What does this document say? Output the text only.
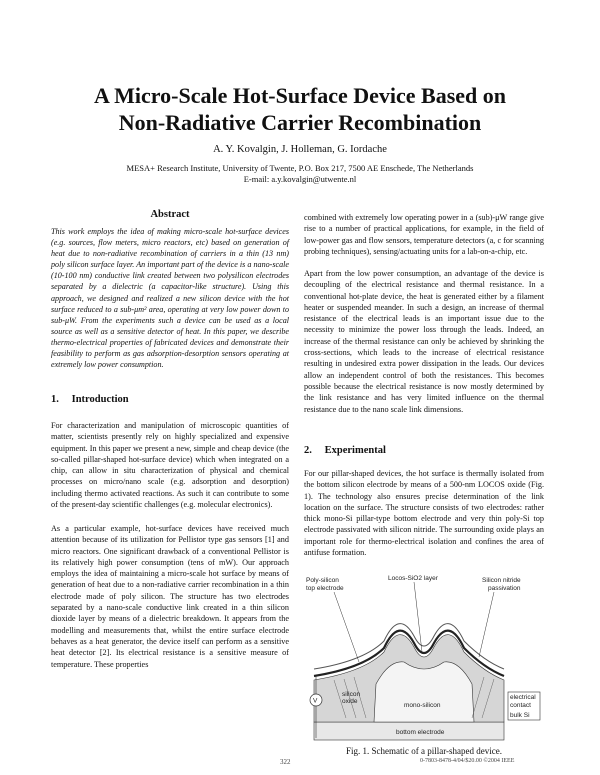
A Micro-Scale Hot-Surface Device Based on
Non-Radiative Carrier Recombination
A. Y. Kovalgin, J. Holleman, G. Iordache
MESA+ Research Institute, University of Twente, P.O. Box 217, 7500 AE Enschede, The Netherlands
E-mail: a.y.kovalgin@utwente.nl
Abstract

This work employs the idea of making micro-scale hot-surface devices (e.g. sources, flow meters, micro reactors, etc) based on generation of heat due to non-radiative recombination of carriers in a thin (13 nm) poly silicon surface layer. An important part of the device is a nano-scale (10-100 nm) conductive link created between two polysilicon electrodes separated by a dielectric (a capacitor-like structure). Using this approach, we designed and realized a new silicon device with the hot surface reduced to a sub-μm² area, operating at very low power down to sub-μW. From the experiments such a device can be used as a local source as well as a sensitive detector of heat. In this paper, we describe thermo-electrical properties of fabricated devices and demonstrate their feasibility to perform as gas adsorption-desorption sensors operating at extremely low power consumption.

1. Introduction

For characterization and manipulation of microscopic quantities of matter, scientists presently rely on highly specialized and expensive equipment. In this paper we present a new, simple and cheap device (the so-called pillar-shaped hot-surface device) which when integrated on a chip, can allow in situ characterization of physical and chemical processes on micro/nano scale (e.g. adsorption and desorption) including thermo activated reactions. As such it can contribute to some of the present-day scientific challenges (e.g. molecular electronics).

As a particular example, hot-surface devices have received much attention because of its utilization for Pellistor type gas sensors [1] and micro reactors. One significant drawback of a conventional Pellistor is its relatively high power consumption (tens of mW). Our approach employs the idea of maintaining a micro-scale hot surface by means of generation of heat due to a non-radiative carrier recombination in a thin electrode made of poly silicon. The structure has two electrodes separated by a nano-scale conductive link created in a thin silicon dioxide layer by means of a dielectric breakdown. It appears from the modelling and measurements that, whilst the entire surface electrode behaves as a heat generator, the device itself can perform as a sensitive heat detector [2]. Its electrical resistance is a sensitive measure of temperature. These properties

combined with extremely low operating power in a (sub)-μW range give rise to a number of practical applications, for example, in the field of low-power gas and flow sensors, temperature detectors (a, c for scanning probing techniques), sensing/actuating units for a lab-on-a-chip, etc.

Apart from the low power consumption, an advantage of the device is decoupling of the electrical resistance and thermal resistance. In a conventional hot-plate device, the heat is generated either by a filament heater or suspended meander. In such a design, an increase of thermal resistance of the electrical leads is an important issue due to the necessity to minimize the power loss through the leads. Indeed, an increase of the thermal resistance can only be achieved by shrinking the cross-sections, which leads to the increase of electrical resistance resulting in undesired extra power dissipation in the leads. Our devices allow an independent control of both the resistances. This becomes possible because the electrical resistance is now mostly determined by the link resistance and has very limited influence on the thermal resistance due to the nano scale link dimensions.

2. Experimental

For our pillar-shaped devices, the hot surface is thermally isolated from the bottom silicon electrode by means of a 500-nm LOCOS oxide (Fig. 1). The technology also ensures precise determination of the link location on the surface. The structure consists of two electrodes: rather thick mono-Si pillar-type bottom electrode and very thin poly-Si top electrode passivated with silicon nitride. The surrounding oxide plays an important role for thermo-electrical isolation and confines the area of antifuse formation.

V
Poly-silicon
top electrode
Locos-SiO2 layer	Silicon nitride
passivation
silicon
oxide
electrical
contact
bulk Si
mono-silicon
bottom electrode
Fig. 1. Schematic of a pillar-shaped device.
322	0-7803-8478-4/04/$20.00 ©2004 IEEE
